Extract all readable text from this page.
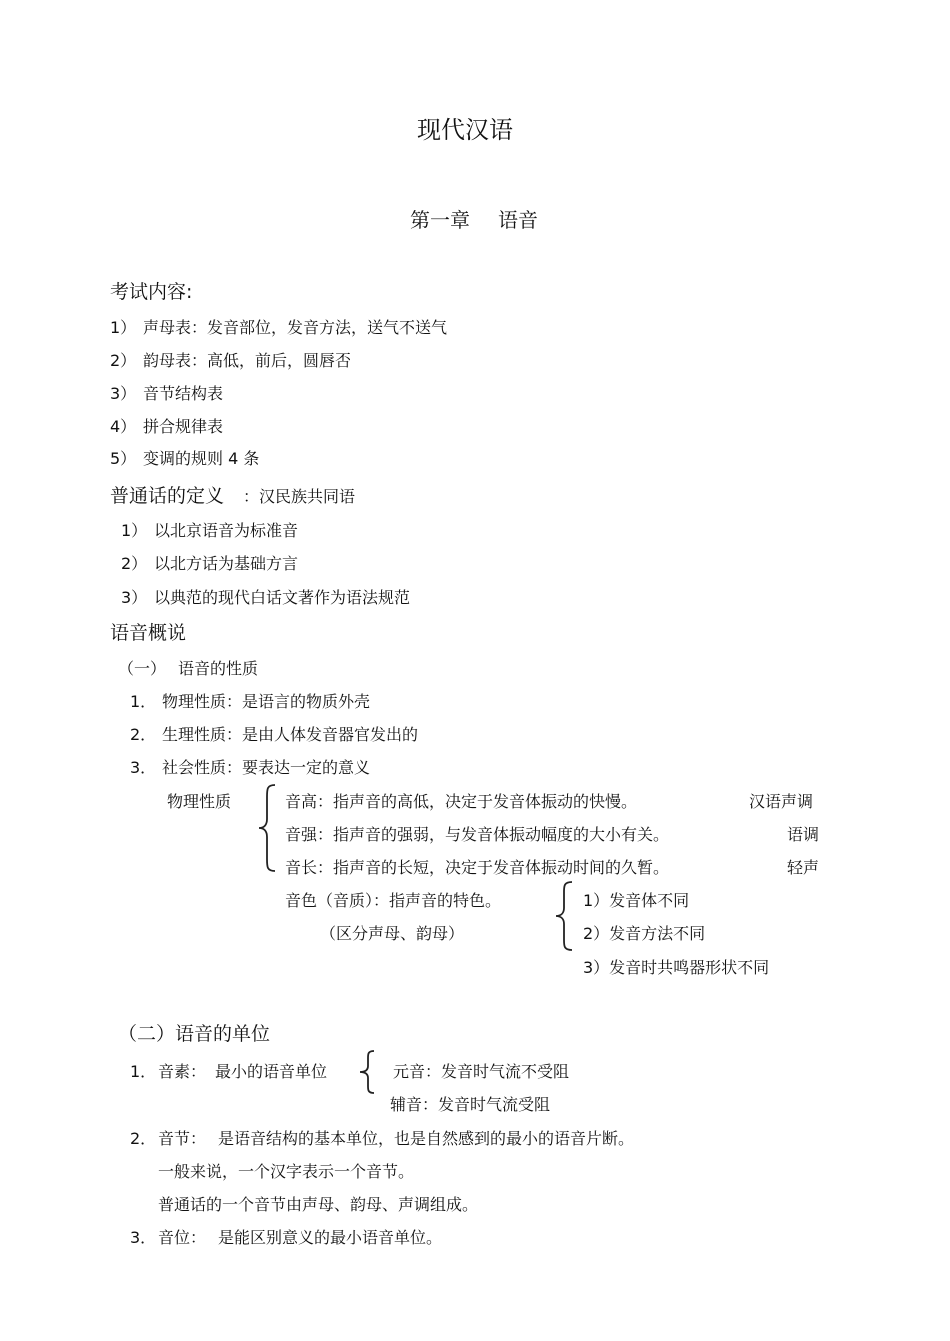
现代汉语
第一章 语音
考试内容:
1） 声母表：发音部位，发音方法，送气不送气
2） 韵母表：高低，前后，圆唇否
3） 音节结构表
4） 拼合规律表
5） 变调的规则 4 条
普通话的定义 ：汉民族共同语
1） 以北京语音为标准音
2） 以北方话为基础方言
3） 以典范的现代白话文著作为语法规范
语音概说
（一） 语音的性质
1． 物理性质：是语言的物质外壳
2． 生理性质：是由人体发音器官发出的
3． 社会性质：要表达一定的意义
物理性质	音高：指声音的高低，决定于发音体振动的快慢。	汉语声调
音强：指声音的强弱，与发音体振动幅度的大小有关。	语调
音长：指声音的长短，决定于发音体振动时间的久暂。	轻声
音色（音质）：指声音的特色。
（区分声母、韵母）
1）发音体不同
2）发音方法不同
3）发音时共鸣器形状不同
（二）语音的单位
1． 音素： 最小的语音单位	元音：发音时气流不受阻
辅音：发音时气流受阻
2． 音节： 是语音结构的基本单位，也是自然感到的最小的语音片断。
一般来说，一个汉字表示一个音节。
普通话的一个音节由声母、韵母、声调组成。
3． 音位： 是能区别意义的最小语音单位。
